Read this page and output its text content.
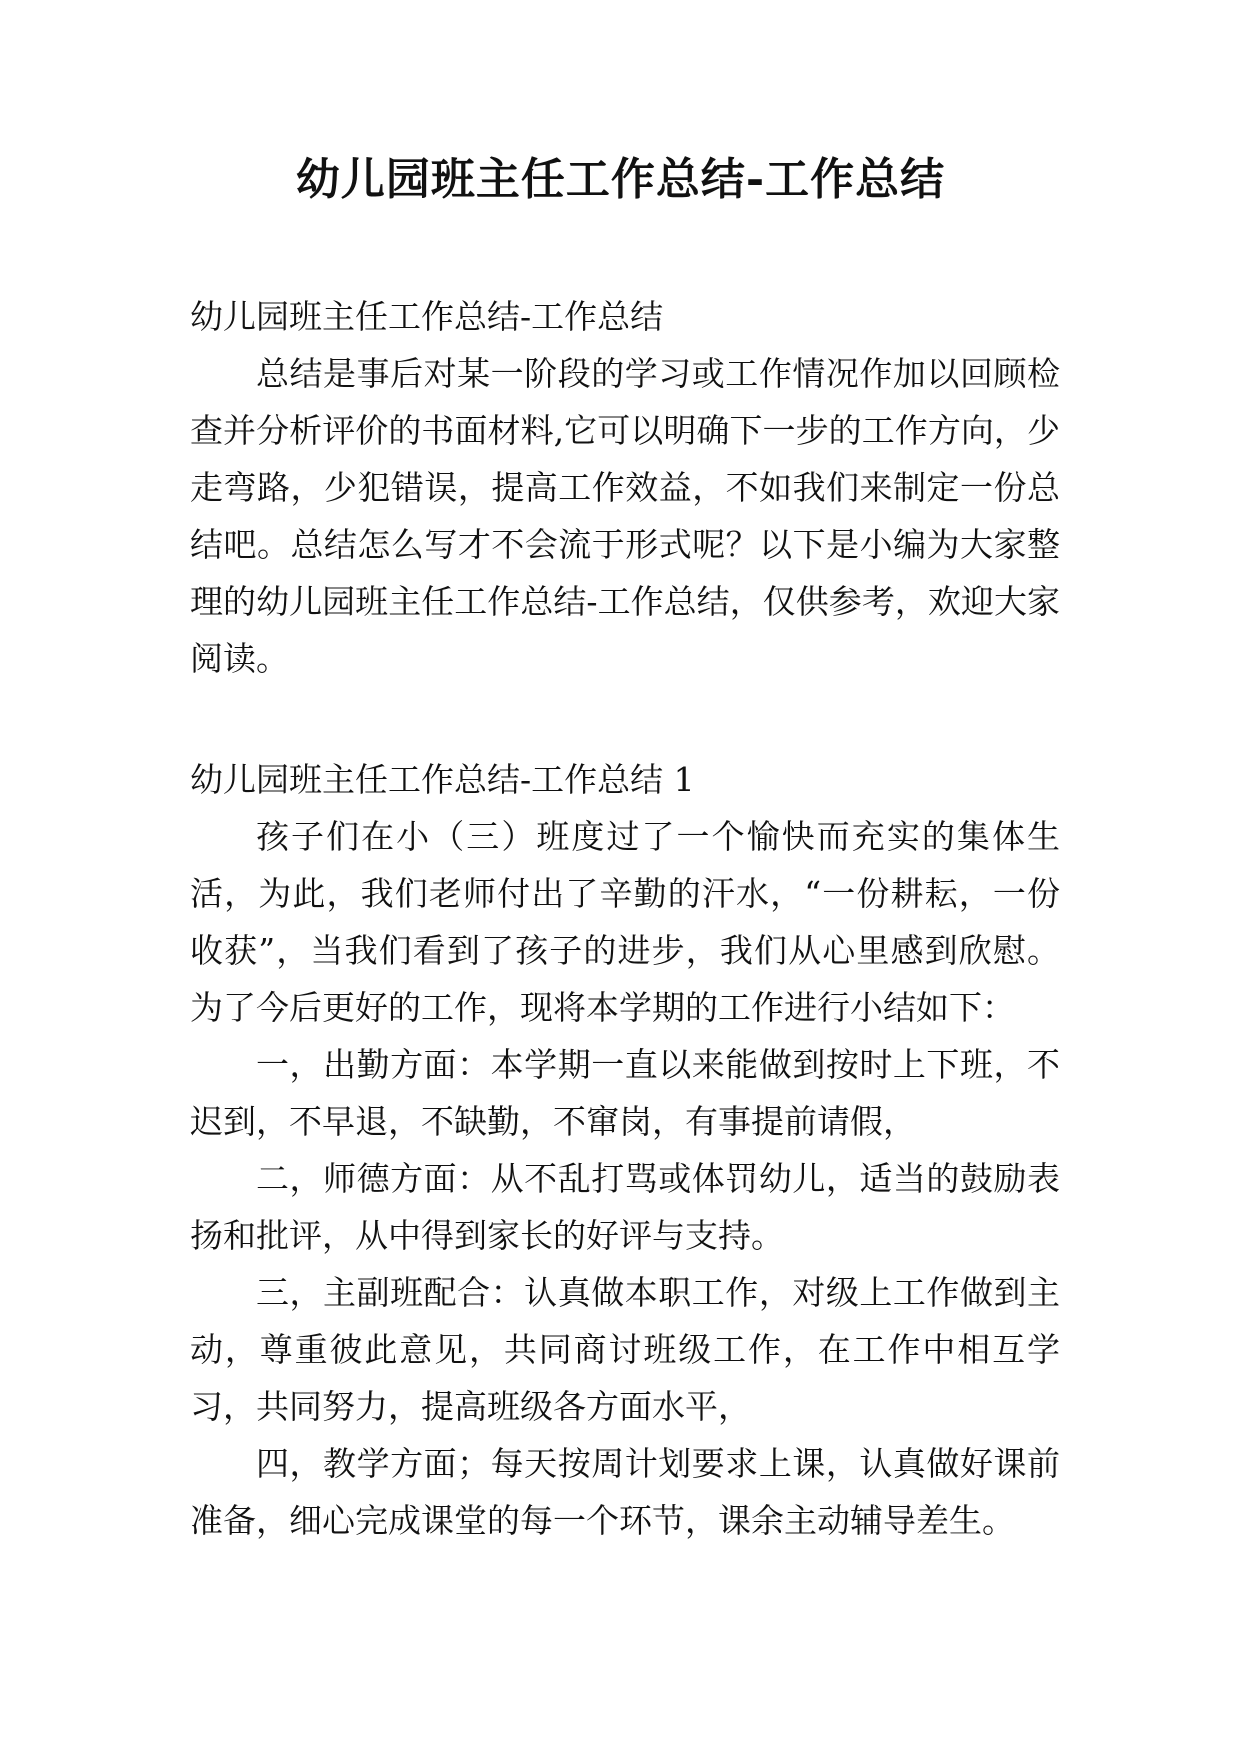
幼儿园班主任工作总结-工作总结

幼儿园班主任工作总结-工作总结

总结是事后对某一阶段的学习或工作情况作加以回顾检查并分析评价的书面材料,它可以明确下一步的工作方向，少走弯路，少犯错误，提高工作效益，不如我们来制定一份总结吧。总结怎么写才不会流于形式呢？以下是小编为大家整理的幼儿园班主任工作总结-工作总结，仅供参考，欢迎大家阅读。

幼儿园班主任工作总结-工作总结 1

孩子们在小（三）班度过了一个愉快而充实的集体生活，为此，我们老师付出了辛勤的汗水，“一份耕耘，一份收获”，当我们看到了孩子的进步，我们从心里感到欣慰。为了今后更好的工作，现将本学期的工作进行小结如下：

一，出勤方面：本学期一直以来能做到按时上下班，不迟到，不早退，不缺勤，不窜岗，有事提前请假，

二，师德方面：从不乱打骂或体罚幼儿，适当的鼓励表扬和批评，从中得到家长的好评与支持。

三，主副班配合：认真做本职工作，对级上工作做到主动，尊重彼此意见，共同商讨班级工作，在工作中相互学习，共同努力，提高班级各方面水平，

四，教学方面；每天按周计划要求上课，认真做好课前准备，细心完成课堂的每一个环节，课余主动辅导差生。
